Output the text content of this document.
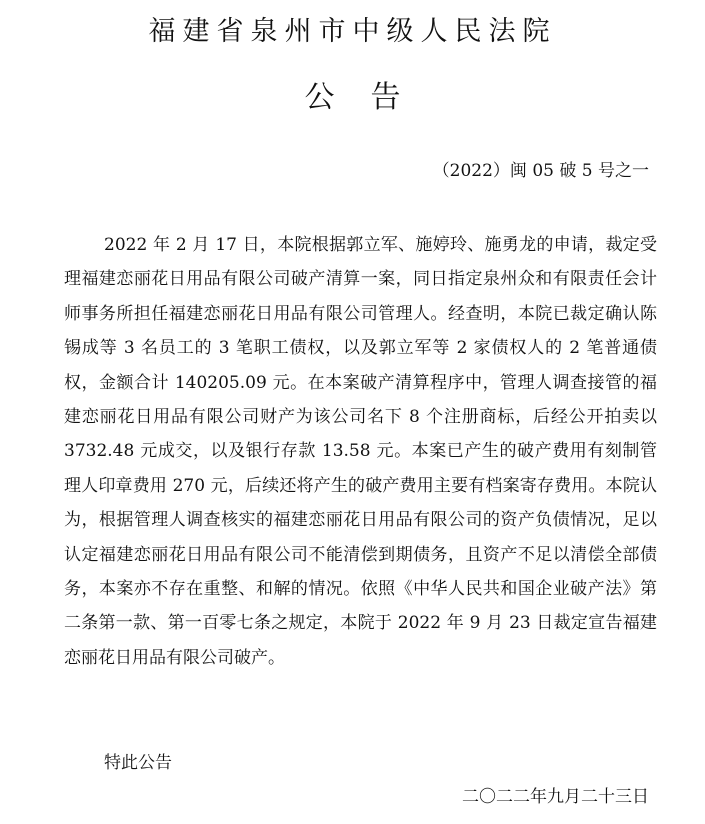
福建省泉州市中级人民法院
公告
（2022）闽 05 破 5 号之一

2022 年 2 月 17 日，本院根据郭立军、施婷玲、施勇龙的申请，裁定受理福建恋丽花日用品有限公司破产清算一案，同日指定泉州众和有限责任会计师事务所担任福建恋丽花日用品有限公司管理人。经查明，本院已裁定确认陈锡成等 3 名员工的 3 笔职工债权，以及郭立军等 2 家债权人的 2 笔普通债权，金额合计 140205.09 元。在本案破产清算程序中，管理人调查接管的福建恋丽花日用品有限公司财产为该公司名下 8 个注册商标，后经公开拍卖以 3732.48 元成交，以及银行存款 13.58 元。本案已产生的破产费用有刻制管理人印章费用 270 元，后续还将产生的破产费用主要有档案寄存费用。本院认为，根据管理人调查核实的福建恋丽花日用品有限公司的资产负债情况，足以认定福建恋丽花日用品有限公司不能清偿到期债务，且资产不足以清偿全部债务，本案亦不存在重整、和解的情况。依照《中华人民共和国企业破产法》第二条第一款、第一百零七条之规定，本院于 2022 年 9 月 23 日裁定宣告福建恋丽花日用品有限公司破产。

特此公告
二〇二二年九月二十三日
